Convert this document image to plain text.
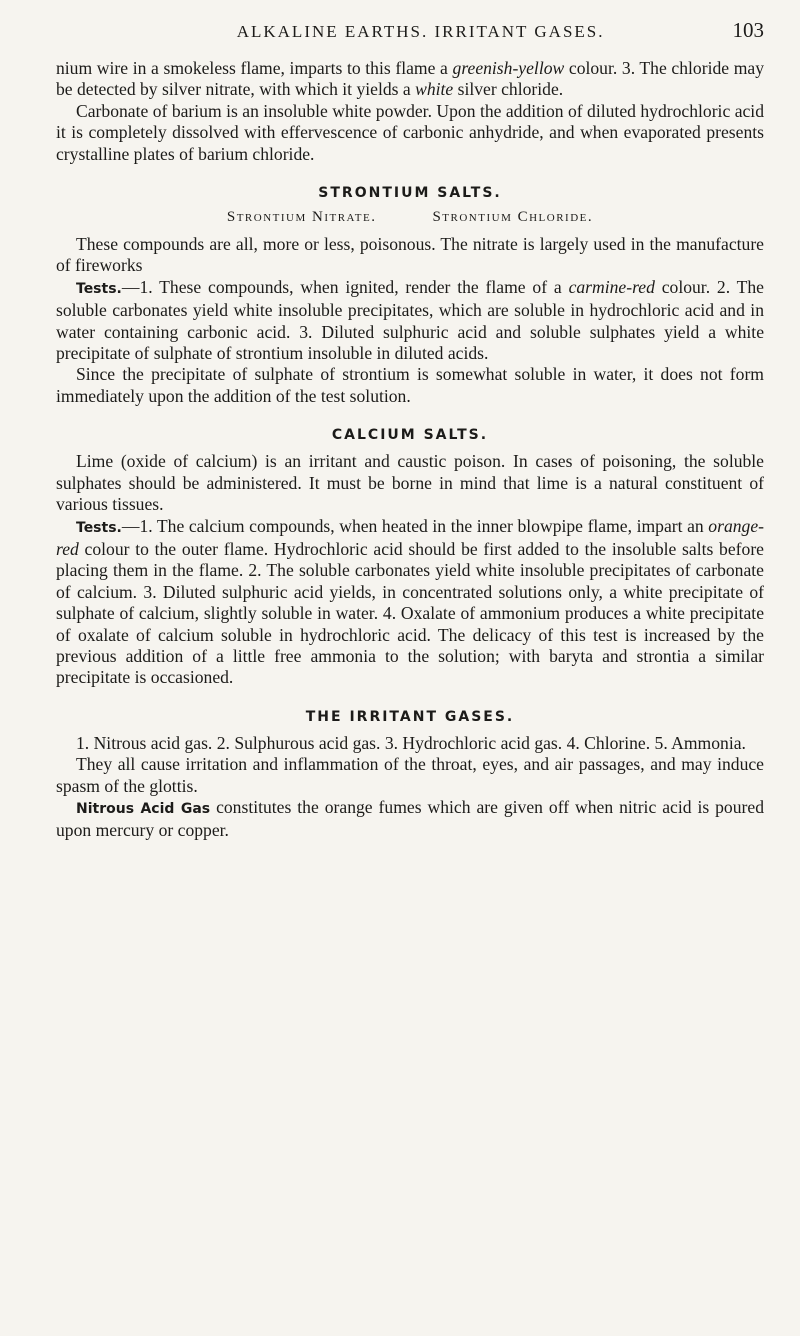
ALKALINE EARTHS. IRRITANT GASES.	103

nium wire in a smokeless flame, imparts to this flame a greenish-yellow colour. 3. The chloride may be detected by silver nitrate, with which it yields a white silver chloride.

Carbonate of barium is an insoluble white powder. Upon the addition of diluted hydrochloric acid it is completely dissolved with effervescence of carbonic anhydride, and when evaporated presents crystalline plates of barium chloride.

STRONTIUM SALTS.
Strontium Nitrate.	Strontium Chloride.

These compounds are all, more or less, poisonous. The nitrate is largely used in the manufacture of fireworks

Tests.—1. These compounds, when ignited, render the flame of a carmine-red colour. 2. The soluble carbonates yield white insoluble precipitates, which are soluble in hydrochloric acid and in water containing carbonic acid. 3. Diluted sulphuric acid and soluble sulphates yield a white precipitate of sulphate of strontium insoluble in diluted acids.

Since the precipitate of sulphate of strontium is somewhat soluble in water, it does not form immediately upon the addition of the test solution.

CALCIUM SALTS.

Lime (oxide of calcium) is an irritant and caustic poison. In cases of poisoning, the soluble sulphates should be administered. It must be borne in mind that lime is a natural constituent of various tissues.

Tests.—1. The calcium compounds, when heated in the inner blowpipe flame, impart an orange-red colour to the outer flame. Hydrochloric acid should be first added to the insoluble salts before placing them in the flame. 2. The soluble carbonates yield white insoluble precipitates of carbonate of calcium. 3. Diluted sulphuric acid yields, in concentrated solutions only, a white precipitate of sulphate of calcium, slightly soluble in water. 4. Oxalate of ammonium produces a white precipitate of oxalate of calcium soluble in hydrochloric acid. The delicacy of this test is increased by the previous addition of a little free ammonia to the solution; with baryta and strontia a similar precipitate is occasioned.

THE IRRITANT GASES.

1. Nitrous acid gas. 2. Sulphurous acid gas. 3. Hydrochloric acid gas. 4. Chlorine. 5. Ammonia.

They all cause irritation and inflammation of the throat, eyes, and air passages, and may induce spasm of the glottis.

Nitrous Acid Gas constitutes the orange fumes which are given off when nitric acid is poured upon mercury or copper.
